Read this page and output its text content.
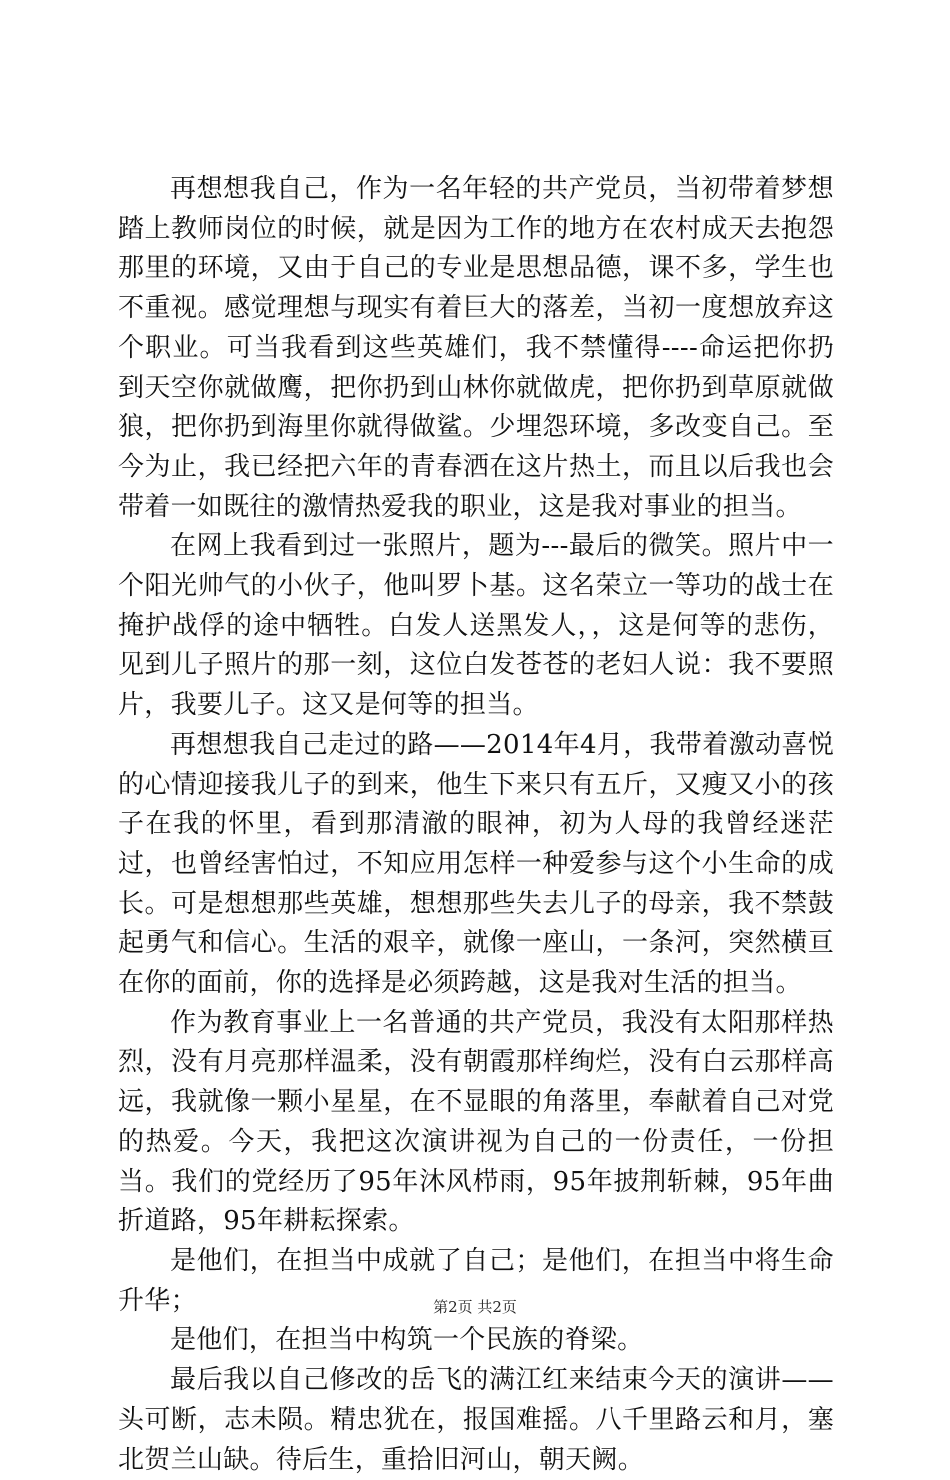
再想想我自己，作为一名年轻的共产党员，当初带着梦想踏上教师岗位的时候，就是因为工作的地方在农村成天去抱怨那里的环境，又由于自己的专业是思想品德，课不多，学生也不重视。感觉理想与现实有着巨大的落差，当初一度想放弃这个职业。可当我看到这些英雄们，我不禁懂得----命运把你扔到天空你就做鹰，把你扔到山林你就做虎，把你扔到草原就做狼，把你扔到海里你就得做鲨。少埋怨环境，多改变自己。至今为止，我已经把六年的青春洒在这片热土，而且以后我也会带着一如既往的激情热爱我的职业，这是我对事业的担当。

在网上我看到过一张照片，题为---最后的微笑。照片中一个阳光帅气的小伙子，他叫罗卜基。这名荣立一等功的战士在掩护战俘的途中牺牲。白发人送黑发人，，这是何等的悲伤，见到儿子照片的那一刻，这位白发苍苍的老妇人说：我不要照片，我要儿子。这又是何等的担当。

再想想我自己走过的路——2014年4月，我带着激动喜悦的心情迎接我儿子的到来，他生下来只有五斤，又瘦又小的孩子在我的怀里，看到那清澈的眼神，初为人母的我曾经迷茫过，也曾经害怕过，不知应用怎样一种爱参与这个小生命的成长。可是想想那些英雄，想想那些失去儿子的母亲，我不禁鼓起勇气和信心。生活的艰辛，就像一座山，一条河，突然横亘在你的面前，你的选择是必须跨越，这是我对生活的担当。

作为教育事业上一名普通的共产党员，我没有太阳那样热烈，没有月亮那样温柔，没有朝霞那样绚烂，没有白云那样高远，我就像一颗小星星，在不显眼的角落里，奉献着自己对党的热爱。今天，我把这次演讲视为自己的一份责任，一份担当。我们的党经历了95年沐风栉雨，95年披荆斩棘，95年曲折道路，95年耕耘探索。

是他们，在担当中成就了自己；是他们，在担当中将生命升华；

是他们，在担当中构筑一个民族的脊梁。

最后我以自己修改的岳飞的满江红来结束今天的演讲——头可断，志未陨。精忠犹在，报国难摇。八千里路云和月，塞北贺兰山缺。待后生，重拾旧河山，朝天阙。

第2页 共2页
